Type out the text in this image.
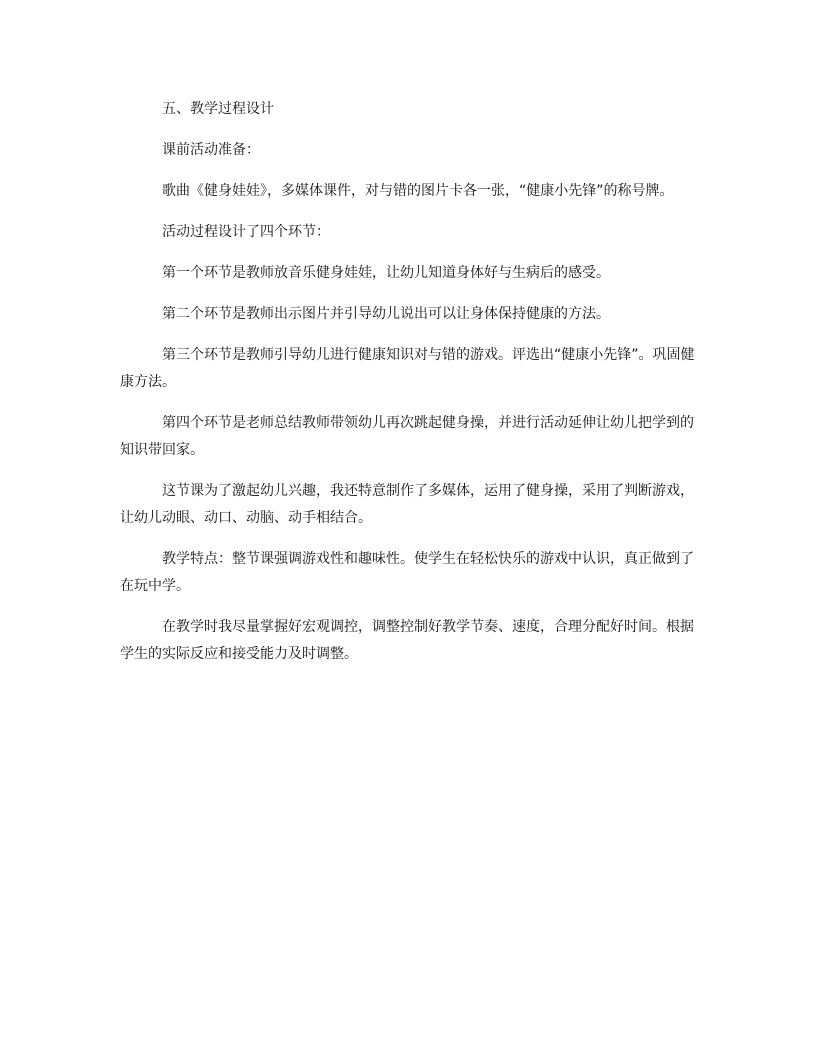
五、教学过程设计

课前活动准备：

歌曲《健身娃娃》，多媒体课件，对与错的图片卡各一张，“健康小先锋”的称号牌。

活动过程设计了四个环节：

第一个环节是教师放音乐健身娃娃，让幼儿知道身体好与生病后的感受。

第二个环节是教师出示图片并引导幼儿说出可以让身体保持健康的方法。

第三个环节是教师引导幼儿进行健康知识对与错的游戏。评选出“健康小先锋”。巩固健康方法。

第四个环节是老师总结教师带领幼儿再次跳起健身操，并进行活动延伸让幼儿把学到的知识带回家。

这节课为了激起幼儿兴趣，我还特意制作了多媒体，运用了健身操，采用了判断游戏，让幼儿动眼、动口、动脑、动手相结合。

教学特点：整节课强调游戏性和趣味性。使学生在轻松快乐的游戏中认识，真正做到了在玩中学。

在教学时我尽量掌握好宏观调控，调整控制好教学节奏、速度，合理分配好时间。根据学生的实际反应和接受能力及时调整。
